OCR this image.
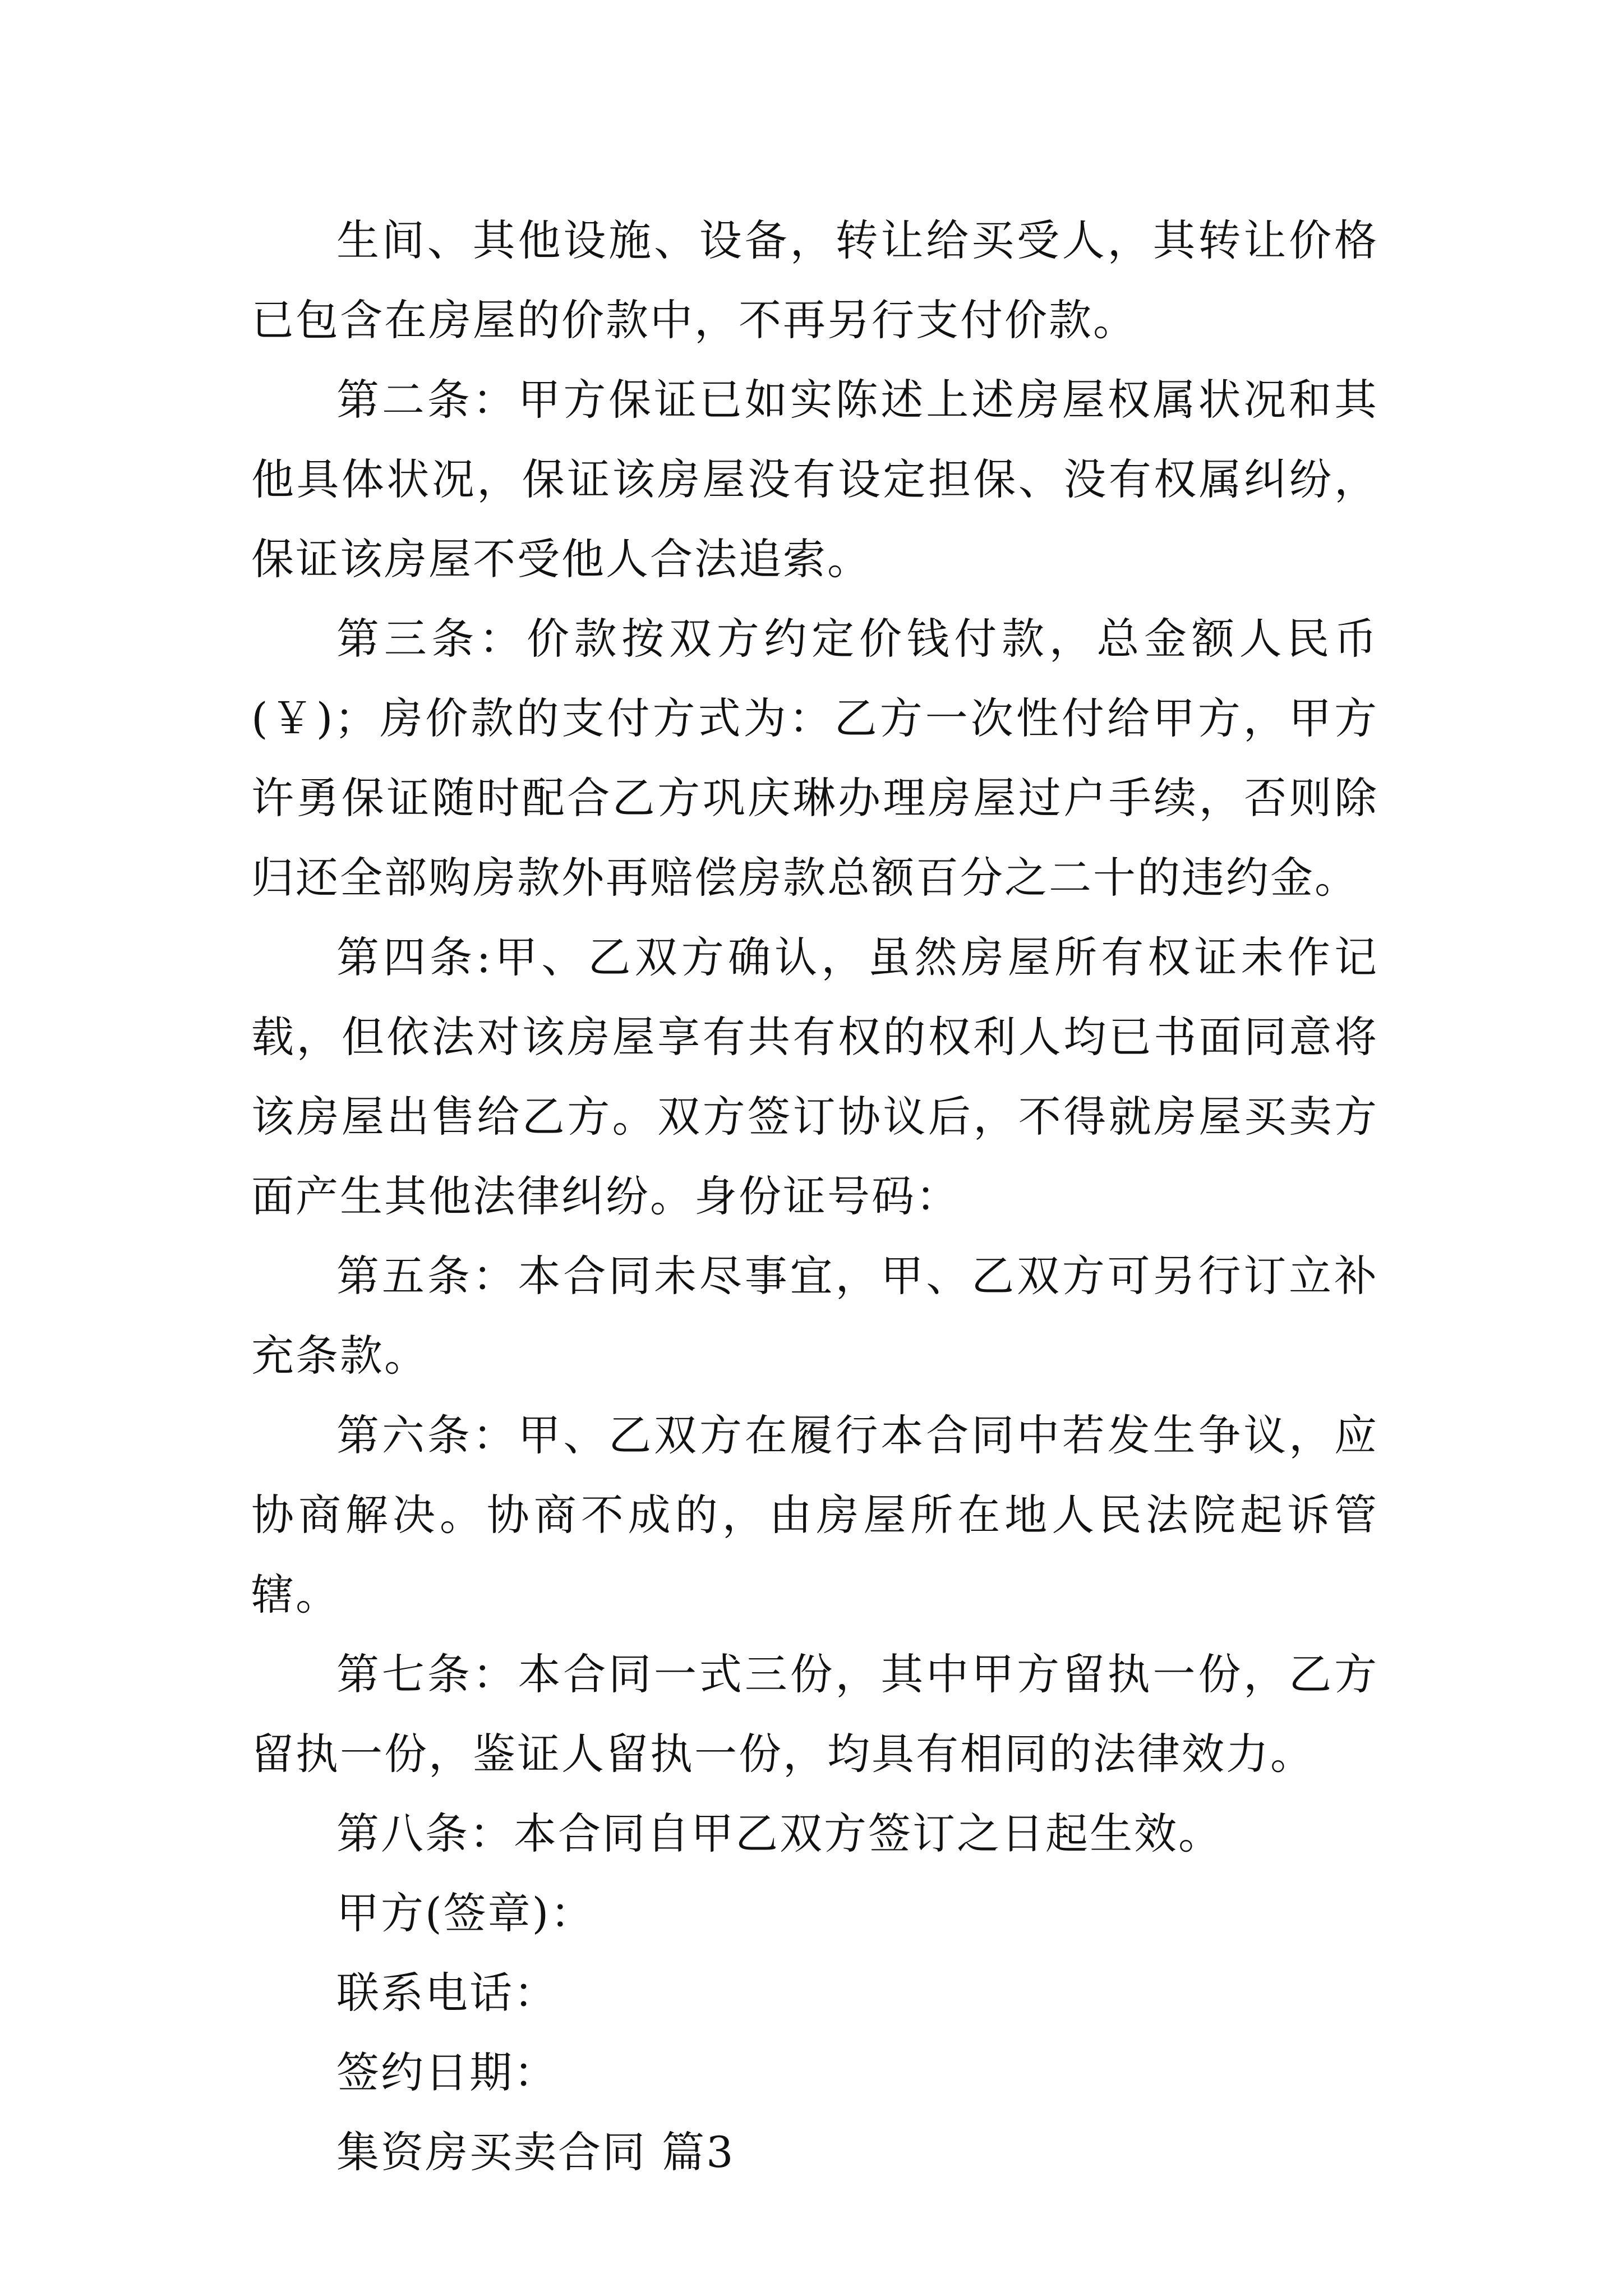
生间、其他设施、设备，转让给买受人，其转让价格已包含在房屋的价款中，不再另行支付价款。

第二条：甲方保证已如实陈述上述房屋权属状况和其他具体状况，保证该房屋没有设定担保、没有权属纠纷，保证该房屋不受他人合法追索。

第三条：价款按双方约定价钱付款，总金额人民币(￥)；房价款的支付方式为：乙方一次性付给甲方，甲方许勇保证随时配合乙方巩庆琳办理房屋过户手续，否则除归还全部购房款外再赔偿房款总额百分之二十的违约金。

第四条:甲、乙双方确认，虽然房屋所有权证未作记载，但依法对该房屋享有共有权的权利人均已书面同意将该房屋出售给乙方。双方签订协议后，不得就房屋买卖方面产生其他法律纠纷。身份证号码：

第五条：本合同未尽事宜，甲、乙双方可另行订立补充条款。

第六条：甲、乙双方在履行本合同中若发生争议，应协商解决。协商不成的，由房屋所在地人民法院起诉管辖。

第七条：本合同一式三份，其中甲方留执一份，乙方留执一份，鉴证人留执一份，均具有相同的法律效力。

第八条：本合同自甲乙双方签订之日起生效。

甲方(签章)：

联系电话：

签约日期：

集资房买卖合同 篇3
